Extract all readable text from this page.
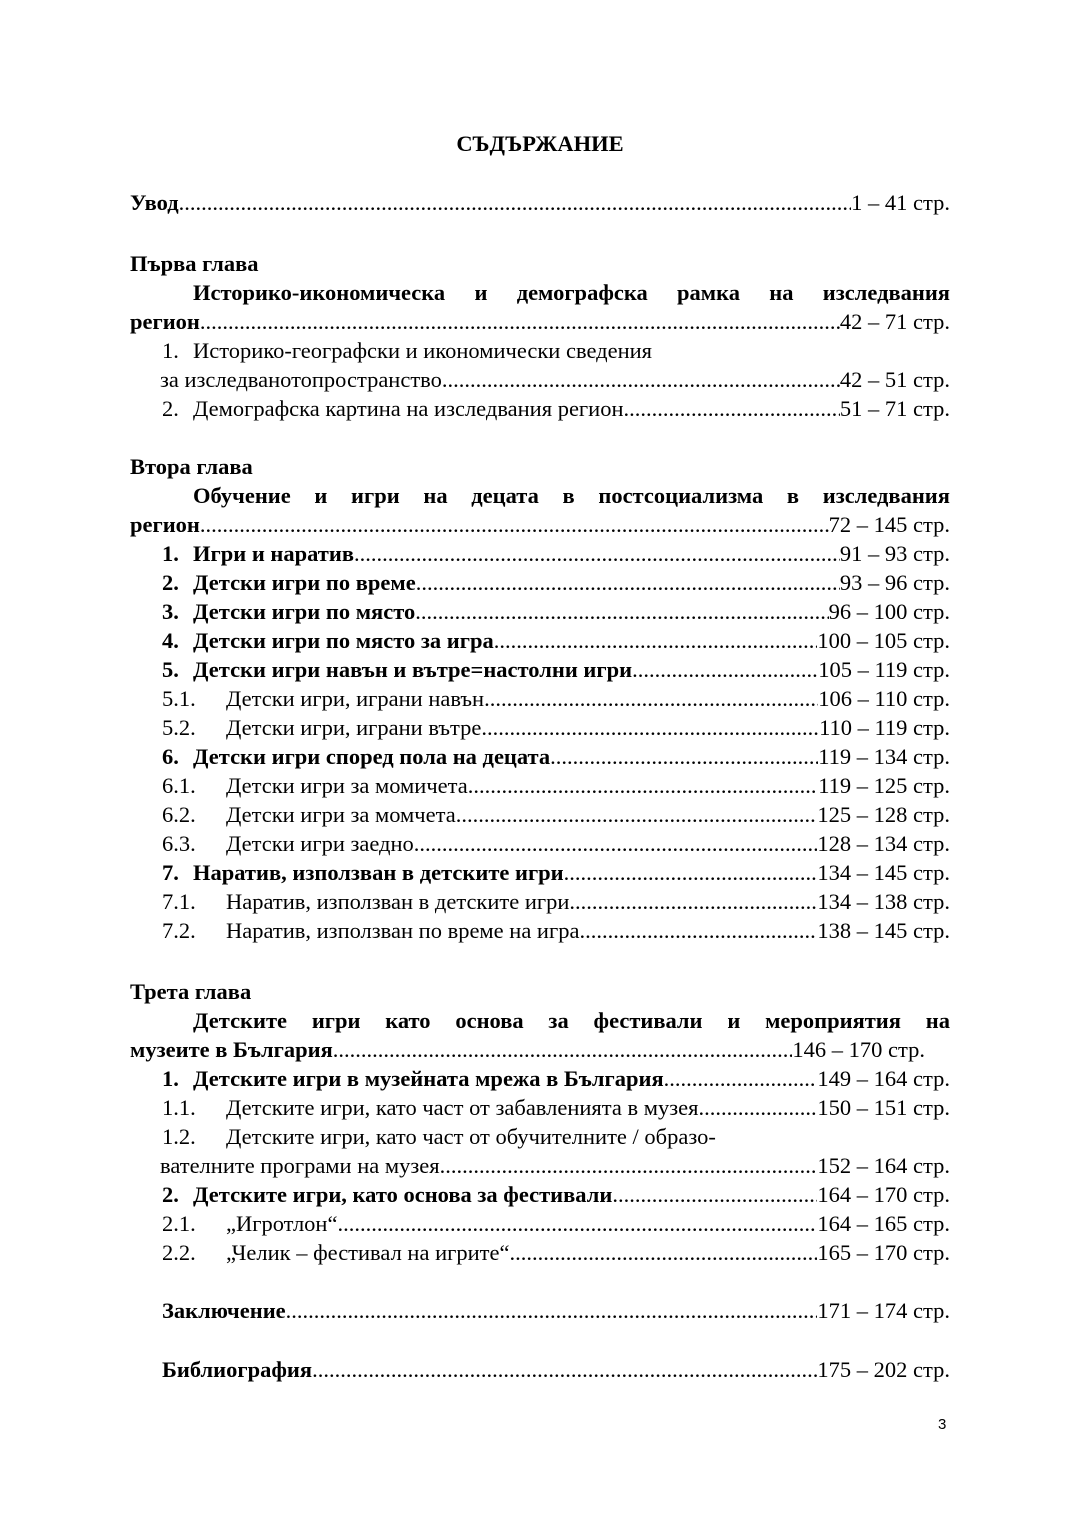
СЪДЪРЖАНИЕ
Увод .....	1 – 41 стр.
Първа глава
Историко-икономическа и демографска рамка на изследвания
регион .....	42 – 71 стр.
1. Историко-географски и икономически сведения
за изследванотопространство .....	42 – 51 стр.
2. Демографска картина на изследвания регион .....	51 – 71 стр.
Втора глава
Обучение и игри на децата в постсоциализма в изследвания
регион .....	72 – 145 стр.
1. Игри и наратив .....	91 – 93 стр.
2. Детски игри по време .....	93 – 96 стр.
3. Детски игри по място .....	96 – 100 стр.
4. Детски игри по място за игра .....	100 – 105 стр.
5. Детски игри навън и вътре=настолни игри .....	105 – 119 стр.
5.1. Детски игри, играни навън .....	106 – 110 стр.
5.2. Детски игри, играни вътре .....	110 – 119 стр.
6. Детски игри според пола на децата .....	119 – 134 стр.
6.1. Детски игри за момичета .....	119 – 125 стр.
6.2. Детски игри за момчета .....	125 – 128 стр.
6.3. Детски игри заедно .....	128 – 134 стр.
7. Наратив, използван в детските игри .....	134 – 145 стр.
7.1. Наратив, използван в детските игри .....	134 – 138 стр.
7.2. Наратив, използван по време на игра .....	138 – 145 стр.
Трета глава
Детските игри като основа за фестивали и мероприятия на
музеите в България .....	146 – 170 стр.
1. Детските игри в музейната мрежа в България .....	149 – 164 стр.
1.1. Детските игри, като част от забавленията в музея .....	150 – 151 стр.
1.2. Детските игри, като част от обучителните / образо-
вателните програми на музея .....	152 – 164 стр.
2. Детските игри, като основа за фестивали .....	164 – 170 стр.
2.1. „Игротлон“ .....	164 – 165 стр.
2.2. „Челик – фестивал на игрите“ .....	165 – 170 стр.
Заключение .....	171 – 174 стр.
Библиография .....	175 – 202 стр.
3
